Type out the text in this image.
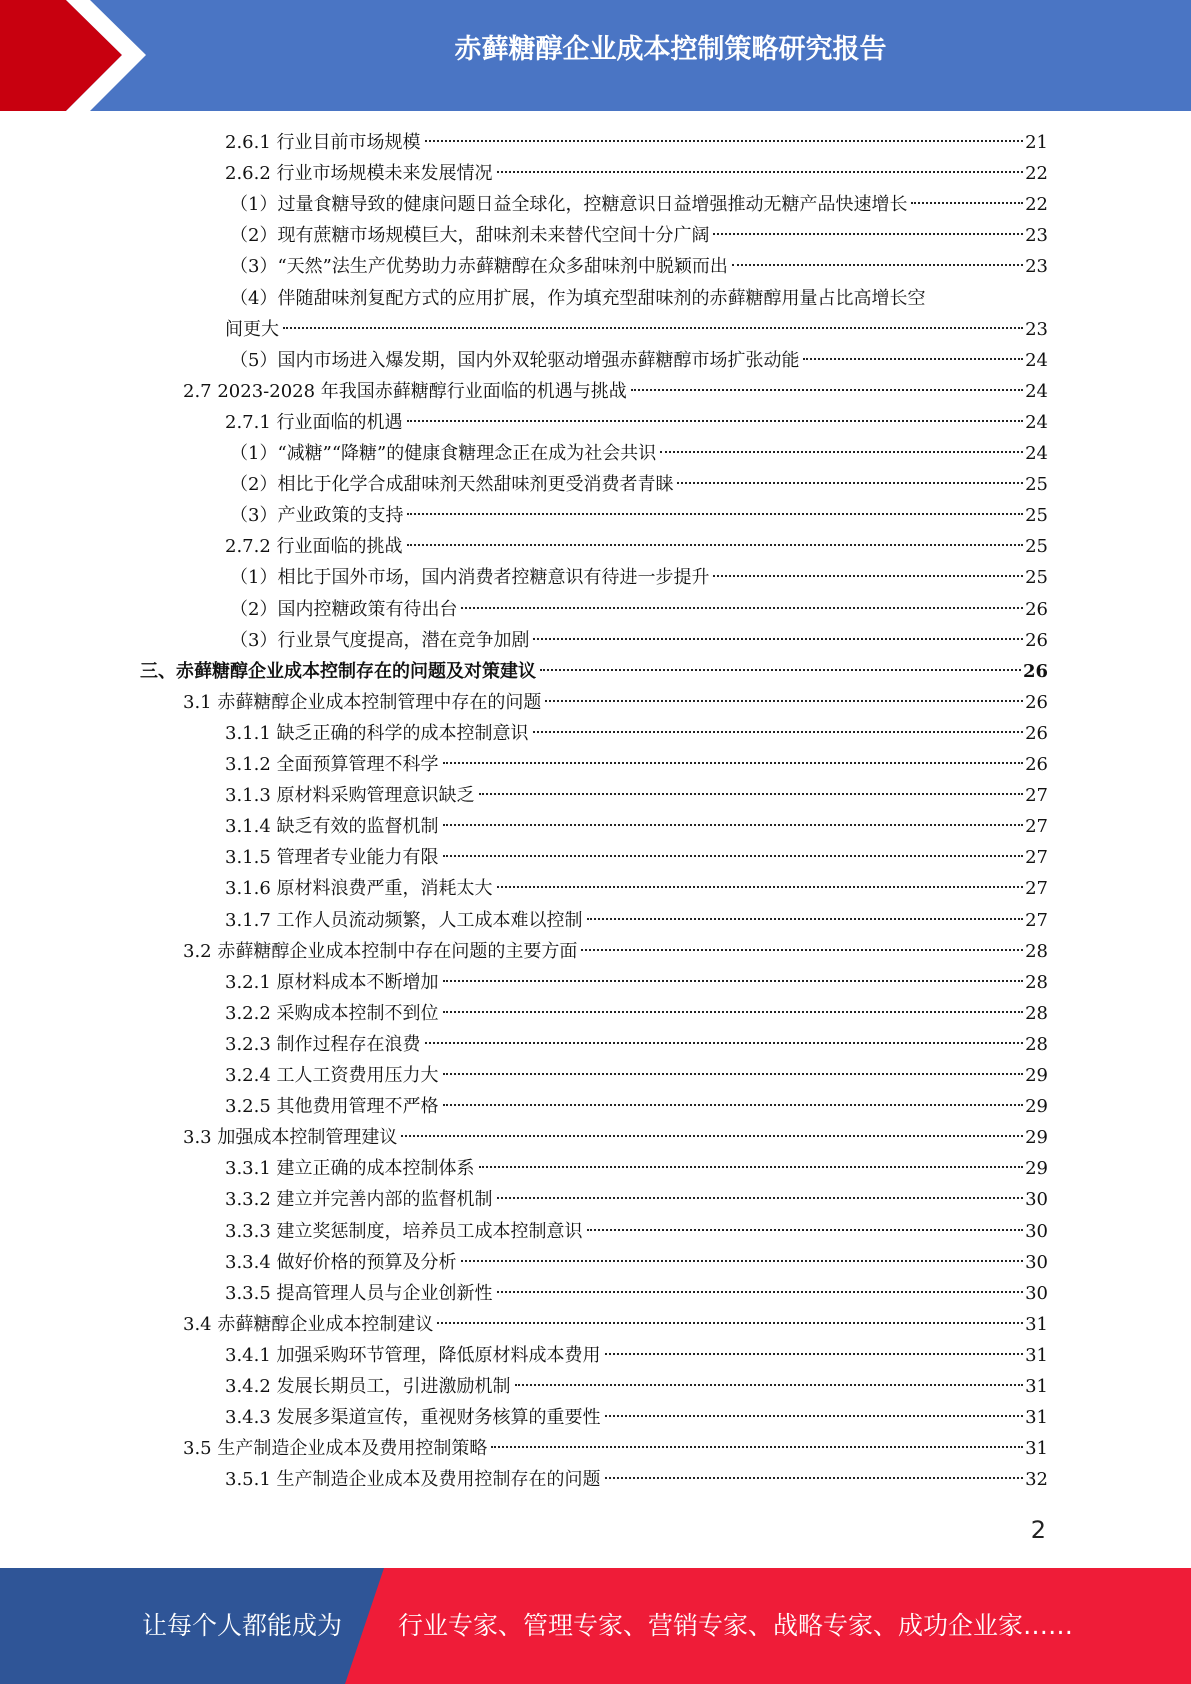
赤藓糖醇企业成本控制策略研究报告
2.6.1 行业目前市场规模	21
2.6.2 行业市场规模未来发展情况	22
（1）过量食糖导致的健康问题日益全球化，控糖意识日益增强推动无糖产品快速增长	22
（2）现有蔗糖市场规模巨大，甜味剂未来替代空间十分广阔	23
（3）“天然”法生产优势助力赤藓糖醇在众多甜味剂中脱颖而出	23
（4）伴随甜味剂复配方式的应用扩展，作为填充型甜味剂的赤藓糖醇用量占比高增长空
间更大	23
（5）国内市场进入爆发期，国内外双轮驱动增强赤藓糖醇市场扩张动能	24
2.7 2023-2028 年我国赤藓糖醇行业面临的机遇与挑战	24
2.7.1 行业面临的机遇	24
（1）“减糖”“降糖”的健康食糖理念正在成为社会共识	24
（2）相比于化学合成甜味剂天然甜味剂更受消费者青睐	25
（3）产业政策的支持	25
2.7.2 行业面临的挑战	25
（1）相比于国外市场，国内消费者控糖意识有待进一步提升	25
（2）国内控糖政策有待出台	26
（3）行业景气度提高，潜在竞争加剧	26
三、赤藓糖醇企业成本控制存在的问题及对策建议	26
3.1 赤藓糖醇企业成本控制管理中存在的问题	26
3.1.1 缺乏正确的科学的成本控制意识	26
3.1.2 全面预算管理不科学	26
3.1.3 原材料采购管理意识缺乏	27
3.1.4 缺乏有效的监督机制	27
3.1.5 管理者专业能力有限	27
3.1.6 原材料浪费严重，消耗太大	27
3.1.7 工作人员流动频繁，人工成本难以控制	27
3.2 赤藓糖醇企业成本控制中存在问题的主要方面	28
3.2.1 原材料成本不断增加	28
3.2.2 采购成本控制不到位	28
3.2.3 制作过程存在浪费	28
3.2.4 工人工资费用压力大	29
3.2.5 其他费用管理不严格	29
3.3 加强成本控制管理建议	29
3.3.1 建立正确的成本控制体系	29
3.3.2 建立并完善内部的监督机制	30
3.3.3 建立奖惩制度，培养员工成本控制意识	30
3.3.4 做好价格的预算及分析	30
3.3.5 提高管理人员与企业创新性	30
3.4 赤藓糖醇企业成本控制建议	31
3.4.1 加强采购环节管理，降低原材料成本费用	31
3.4.2 发展长期员工，引进激励机制	31
3.4.3 发展多渠道宣传，重视财务核算的重要性	31
3.5 生产制造企业成本及费用控制策略	31
3.5.1 生产制造企业成本及费用控制存在的问题	32
2
让每个人都能成为 行业专家、管理专家、营销专家、战略专家、成功企业家……
